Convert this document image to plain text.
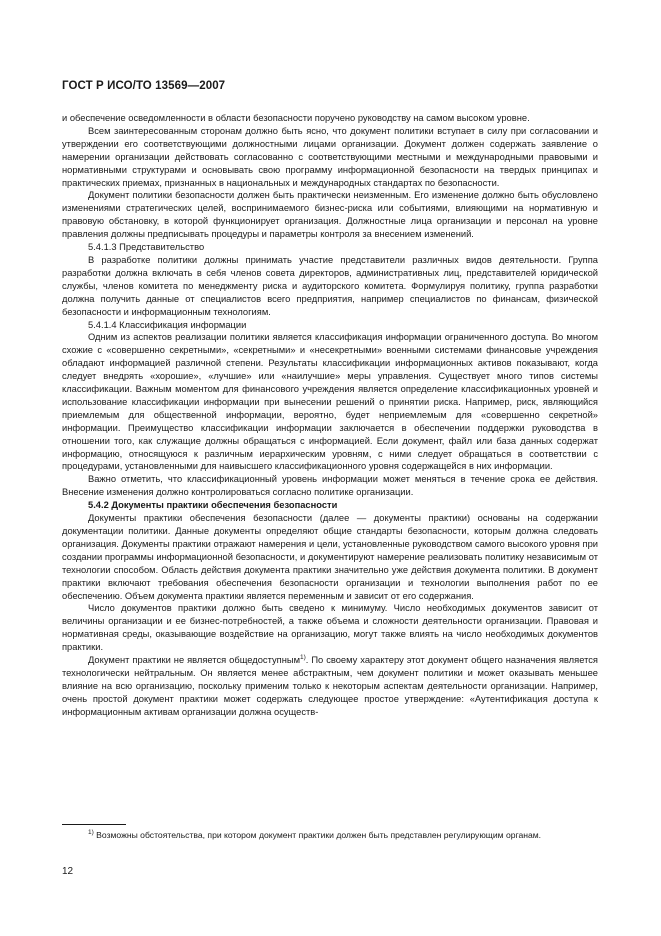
ГОСТ Р ИСО/ТО 13569—2007

и обеспечение осведомленности в области безопасности поручено руководству на самом высоком уровне.

Всем заинтересованным сторонам должно быть ясно, что документ политики вступает в силу при согласовании и утверждении его соответствующими должностными лицами организации. Документ должен содержать заявление о намерении организации действовать согласованно с соответствующими местными и международными правовыми и нормативными структурами и основывать свою программу информационной безопасности на твердых принципах и практических приемах, признанных в национальных и международных стандартах по безопасности.

Документ политики безопасности должен быть практически неизменным. Его изменение должно быть обусловлено изменениями стратегических целей, воспринимаемого бизнес-риска или событиями, влияющими на нормативную и правовую обстановку, в которой функционирует организация. Должностные лица организации и персонал на уровне правления должны предписывать процедуры и параметры контроля за внесением изменений.

5.4.1.3 Представительство

В разработке политики должны принимать участие представители различных видов деятельности. Группа разработки должна включать в себя членов совета директоров, административных лиц, представителей юридической службы, членов комитета по менеджменту риска и аудиторского комитета. Формулируя политику, группа разработки должна получить данные от специалистов всего предприятия, например специалистов по финансам, физической безопасности и информационным технологиям.

5.4.1.4 Классификация информации

Одним из аспектов реализации политики является классификация информации ограниченного доступа. Во многом схожие с «совершенно секретными», «секретными» и «несекретными» военными системами финансовые учреждения обладают информацией различной степени. Результаты классификации информационных активов показывают, когда следует внедрять «хорошие», «лучшие» или «наилучшие» меры управления. Существует много типов системы классификации. Важным моментом для финансового учреждения является определение классификационных уровней и использование классификации информации при вынесении решений о принятии риска. Например, риск, являющийся приемлемым для общественной информации, вероятно, будет неприемлемым для «совершенно секретной» информации. Преимущество классификации информации заключается в обеспечении поддержки руководства в отношении того, как служащие должны обращаться с информацией. Если документ, файл или база данных содержат информацию, относящуюся к различным иерархическим уровням, с ними следует обращаться в соответствии с процедурами, установленными для наивысшего классификационного уровня содержащейся в них информации.

Важно отметить, что классификационный уровень информации может меняться в течение срока ее действия. Внесение изменения должно контролироваться согласно политике организации.

5.4.2 Документы практики обеспечения безопасности

Документы практики обеспечения безопасности (далее — документы практики) основаны на содержании документации политики. Данные документы определяют общие стандарты безопасности, которым должна следовать организация. Документы практики отражают намерения и цели, установленные руководством самого высокого уровня при создании программы информационной безопасности, и документируют намерение реализовать политику независимым от технологии способом. Область действия документа практики значительно уже действия документа политики. В документ практики включают требования обеспечения безопасности организации и технологии выполнения работ по ее обеспечению. Объем документа практики является переменным и зависит от его содержания.

Число документов практики должно быть сведено к минимуму. Число необходимых документов зависит от величины организации и ее бизнес-потребностей, а также объема и сложности деятельности организации. Правовая и нормативная среды, оказывающие воздействие на организацию, могут также влиять на число необходимых документов практики.

Документ практики не является общедоступным$^{1)}$. По своему характеру этот документ общего назначения является технологически нейтральным. Он является менее абстрактным, чем документ политики и может оказывать меньшее влияние на всю организацию, поскольку применим только к некоторым аспектам деятельности организации. Например, очень простой документ практики может содержать следующее простое утверждение: «Аутентификация доступа к информационным активам организации должна осуществ-

$^{1)}$ Возможны обстоятельства, при котором документ практики должен быть представлен регулирующим органам.
12
